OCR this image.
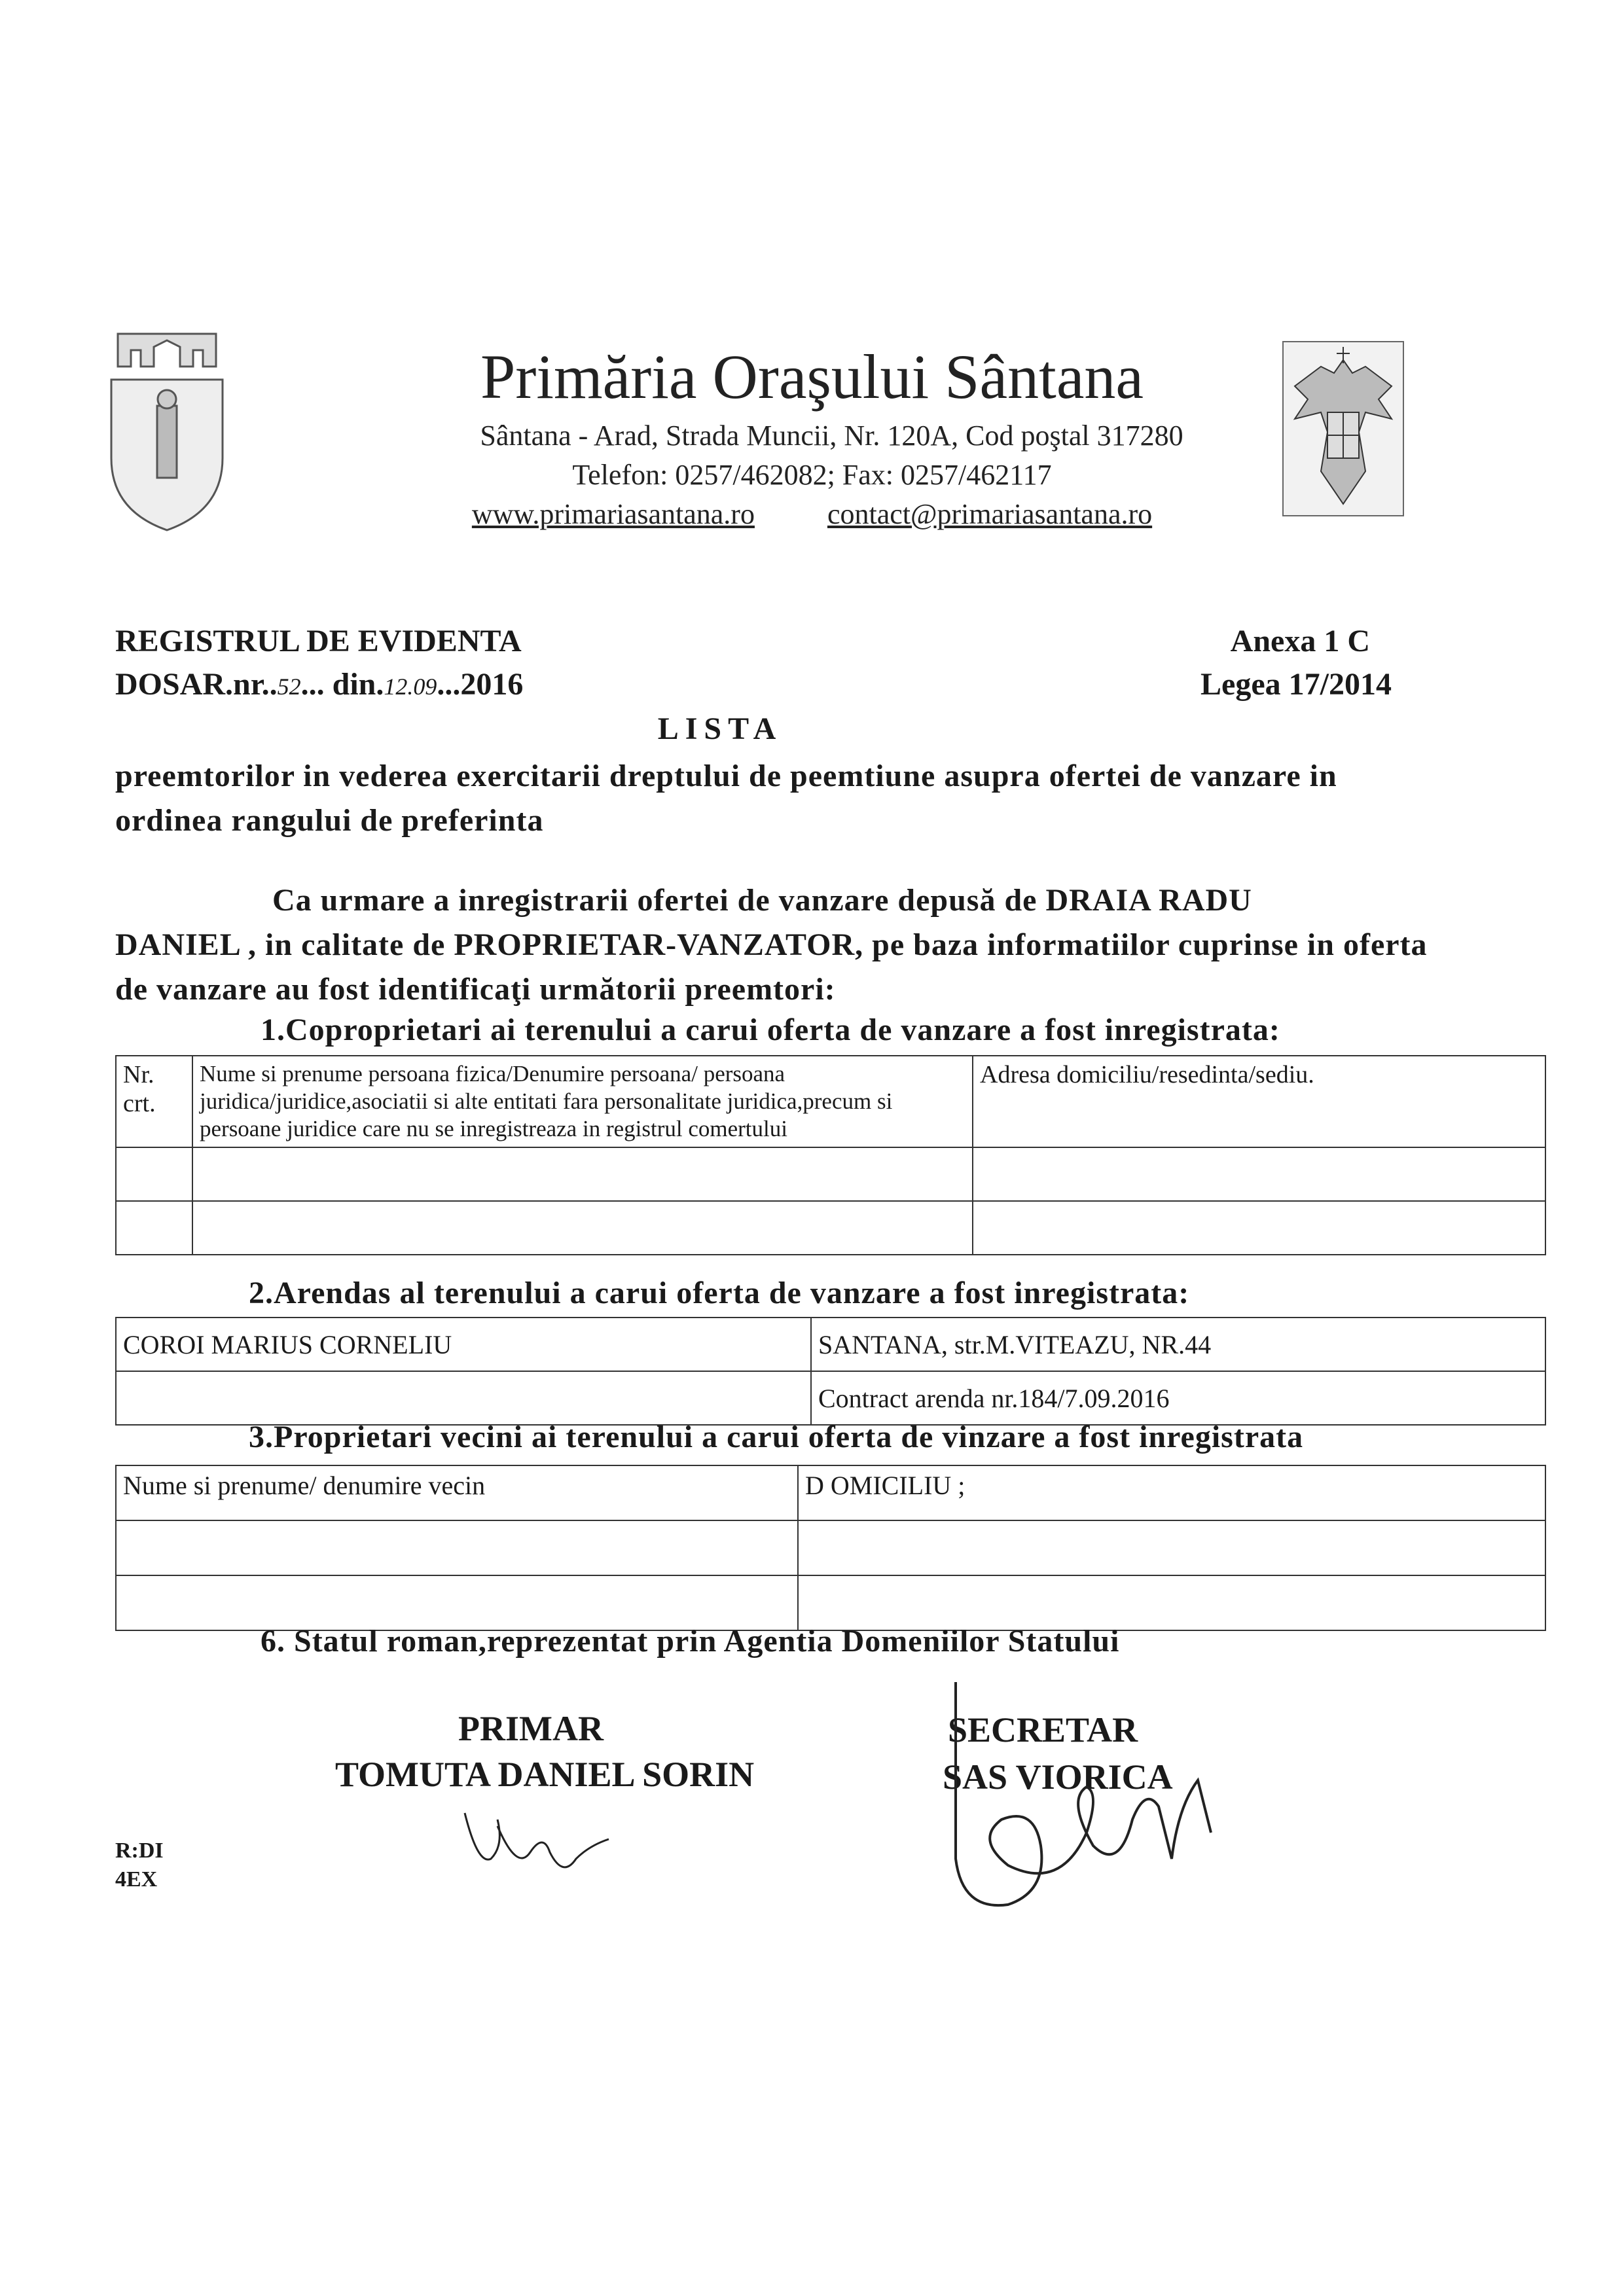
Primăria Oraşului Sântana
Sântana - Arad, Strada Muncii, Nr. 120A, Cod poştal 317280
Telefon: 0257/462082; Fax: 0257/462117
www.primariasantana.ro	contact@primariasantana.ro
REGISTRUL DE EVIDENTA
DOSAR.nr..52... din.12.09...2016
Anexa 1 C
Legea 17/2014
LISTA
preemtorilor in vederea exercitarii dreptului de peemtiune asupra ofertei de vanzare in ordinea rangului de preferinta
Ca urmare a inregistrarii ofertei de vanzare depusă de DRAIA RADU
DANIEL , in calitate de PROPRIETAR-VANZATOR, pe baza informatiilor cuprinse in oferta de vanzare au fost identificaţi următorii preemtori:
1.Coproprietari ai terenului a carui oferta de vanzare a fost inregistrata:
Nr. crt.	Nume si prenume persoana fizica/Denumire persoana/ persoana juridica/juridice,asociatii si alte entitati fara personalitate juridica,precum si persoane juridice care nu se inregistreaza in registrul comertului	Adresa domiciliu/resedinta/sediu.

2.Arendas al terenului a carui oferta de vanzare a fost inregistrata:
COROI MARIUS CORNELIU	SANTANA, str.M.VITEAZU, NR.44
	Contract arenda nr.184/7.09.2016
3.Proprietari vecini ai terenului a carui oferta de vinzare a fost inregistrata
Nume si prenume/ denumire vecin	D OMICILIU ;

6. Statul roman,reprezentat prin Agentia Domeniilor Statului
PRIMAR
TOMUTA DANIEL SORIN
SECRETAR
SAS VIORICA
R:DI
4EX
